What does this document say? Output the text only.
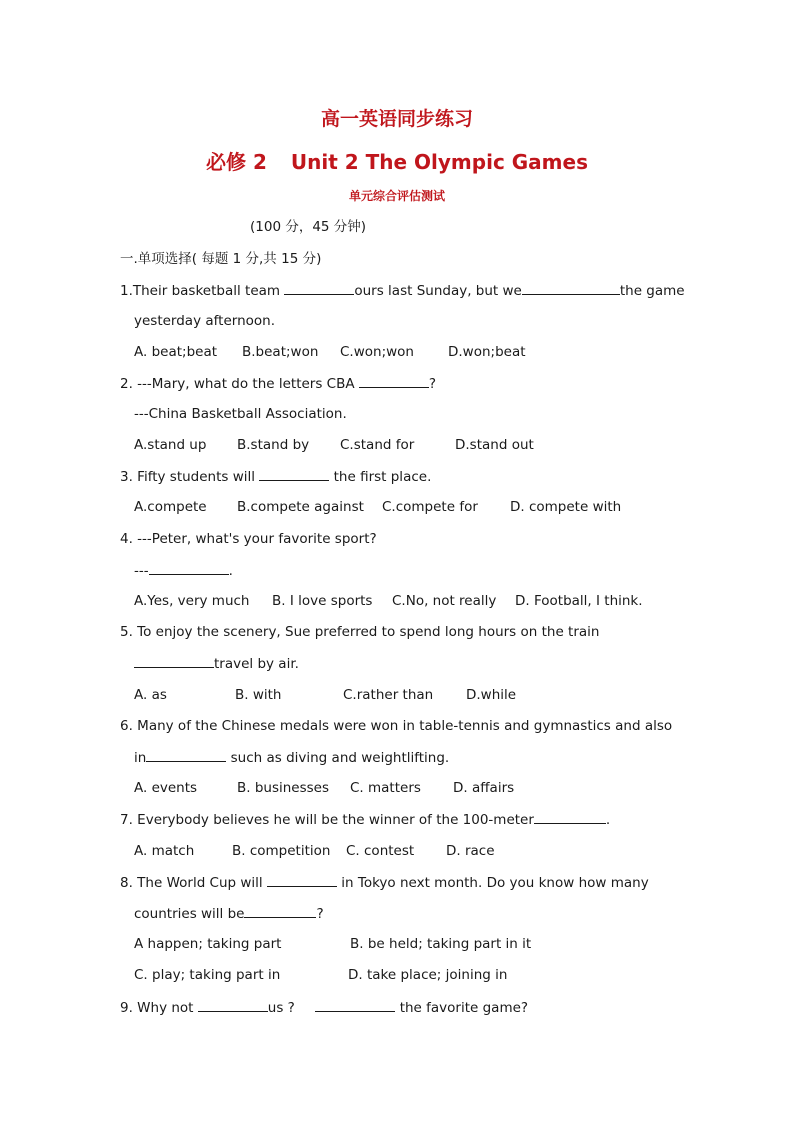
高一英语同步练习
必修 2 Unit 2 The Olympic Games
单元综合评估测试
(100 分，45 分钟)
一.单项选择( 每题 1 分,共 15 分)
1.Their basketball team	ours last Sunday, but we	the game
yesterday afternoon.
A. beat;beat B.beat;won C.won;won	D.won;beat
2. ---Mary, what do the letters CBA	?
---China Basketball Association.
A.stand up B.stand by C.stand for	D.stand out
3. Fifty students will	the first place.
A.compete B.compete against C.compete for D. compete with
4. ---Peter, what's your favorite sport?
---	.
A.Yes, very much B. I love sports C.No, not really D. Football, I think.
5. To enjoy the scenery, Sue preferred to spend long hours on the train
travel by air.
A. as	B. with	C.rather than D.while
6. Many of the Chinese medals were won in table-tennis and gymnastics and also
in	such as diving and weightlifting.
A. events	B. businesses C. matters D. affairs
7. Everybody believes he will be the winner of the 100-meter	.
A. match	B. competition C. contest D. race
8. The World Cup will	in Tokyo next month. Do you know how many
countries will be	?
A happen; taking part	B. be held; taking part in it
C. play; taking part in	D. take place; joining in
9. Why not	us ?	the favorite game?
